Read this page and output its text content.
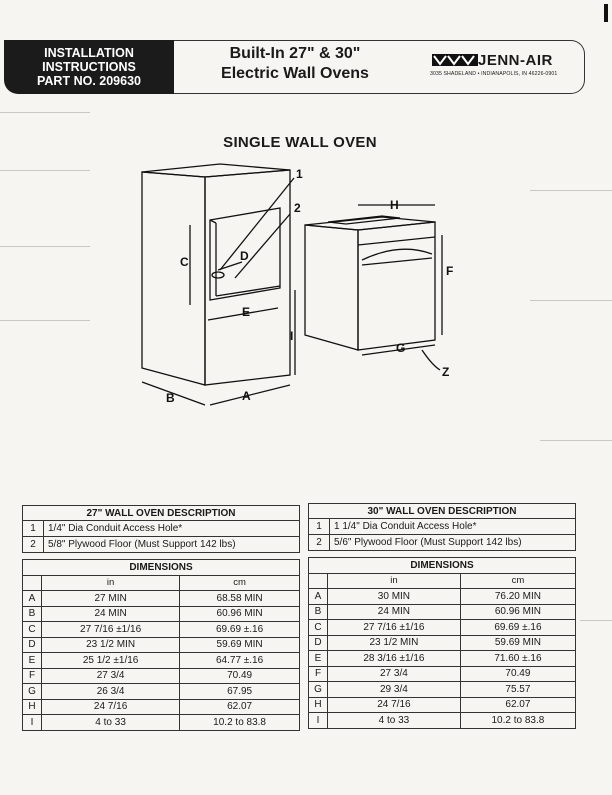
INSTALLATION
INSTRUCTIONS
PART NO. 209630
Built-In 27" & 30"
Electric Wall Ovens
JENN-AIR
3035 SHADELAND • INDIANAPOLIS, IN 46226-0901
SINGLE WALL OVEN
1
2
C	D
E
I
B	A
H
F
G
Z
27" WALL OVEN DESCRIPTION	
1	1/4" Dia Conduit Access Hole*
2	5/8" Plywood Floor (Must Support 142 lbs)
30" WALL OVEN DESCRIPTION	
1	1 1/4" Dia Conduit Access Hole*
2	5/6" Plywood Floor (Must Support 142 lbs)
DIMENSIONS		
	in	cm
A	27 MIN	68.58 MIN
B	24 MIN	60.96 MIN
C	27 7/16 ±1/16	69.69 ±.16
D	23 1/2 MIN	59.69 MIN
E	25 1/2 ±1/16	64.77 ±.16
F	27 3/4	70.49
G	26 3/4	67.95
H	24 7/16	62.07
I	4 to 33	10.2 to 83.8
DIMENSIONS		
	in	cm
A	30 MIN	76.20 MIN
B	24 MIN	60.96 MIN
C	27 7/16 ±1/16	69.69 ±.16
D	23 1/2 MIN	59.69 MIN
E	28 3/16 ±1/16	71.60 ±.16
F	27 3/4	70.49
G	29 3/4	75.57
H	24 7/16	62.07
I	4 to 33	10.2 to 83.8
